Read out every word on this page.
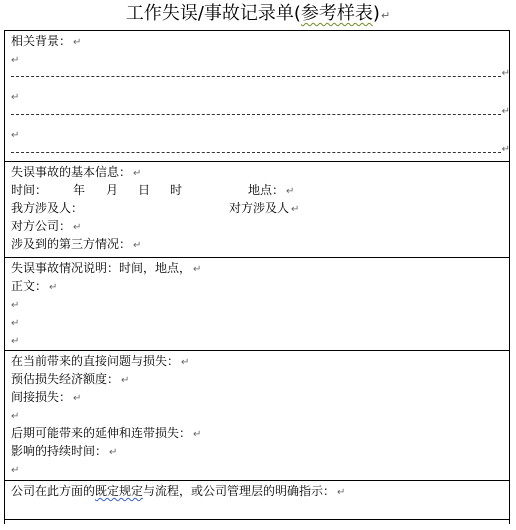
工作失误/事故记录单(参考样表)↵
相关背景： ↵
↵
↵
↵
↵
↵
↵
失误事故的基本信息： ↵
时间： 年 月 日 时	地点： ↵
我方涉及人：	对方涉及人 ↵
对方公司： ↵
涉及到的第三方情况： ↵
失误事故情况说明：时间，地点， ↵
正文： ↵
↵
↵
↵
在当前带来的直接问题与损失： ↵
预估损失经济额度： ↵
间接损失： ↵
↵
后期可能带来的延伸和连带损失： ↵
影响的持续时间： ↵
↵
公司在此方面的既定规定与流程，或公司管理层的明确指示： ↵
